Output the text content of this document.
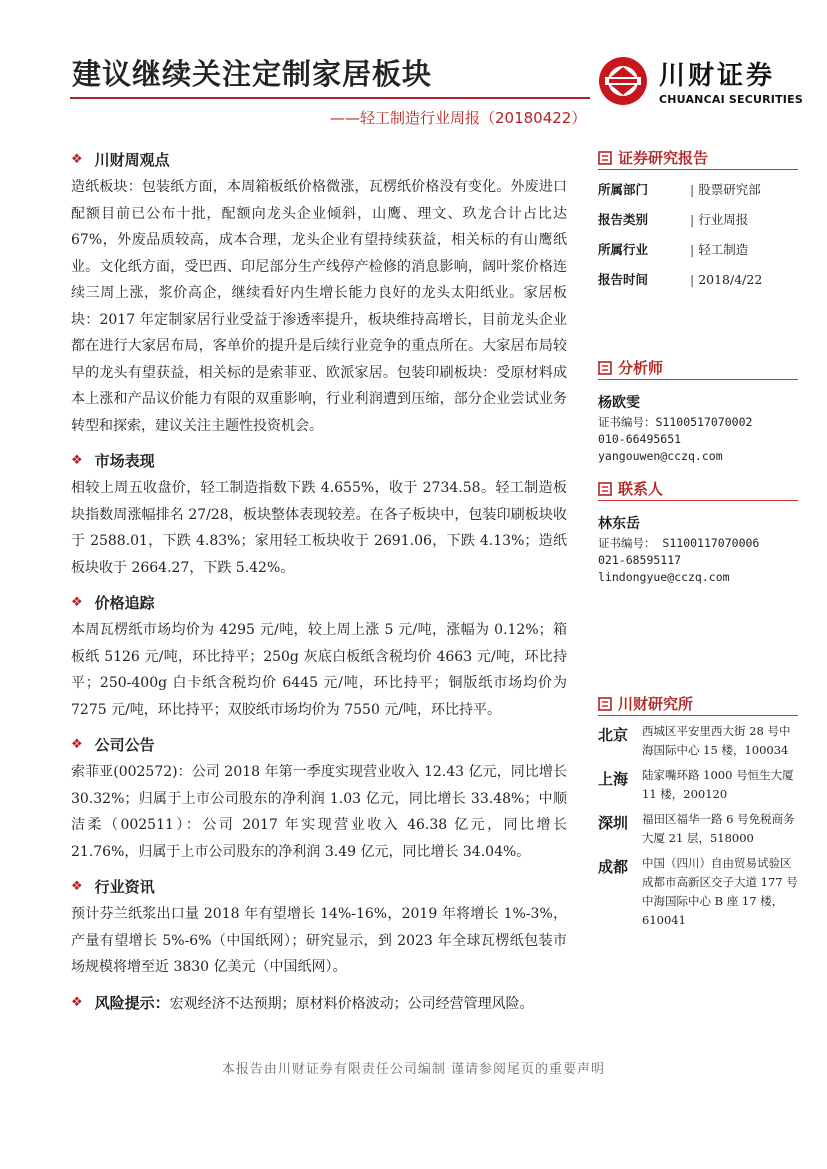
建议继续关注定制家居板块
——轻工制造行业周报（20180422）
川财证券
CHUANCAI SECURITIES
❖ 川财周观点

造纸板块：包装纸方面，本周箱板纸价格微涨，瓦楞纸价格没有变化。外废进口配额目前已公布十批，配额向龙头企业倾斜，山鹰、理文、玖龙合计占比达 67%，外废品质较高，成本合理，龙头企业有望持续获益，相关标的有山鹰纸业。文化纸方面，受巴西、印尼部分生产线停产检修的消息影响，阔叶浆价格连续三周上涨，浆价高企，继续看好内生增长能力良好的龙头太阳纸业。家居板块：2017 年定制家居行业受益于渗透率提升，板块维持高增长，目前龙头企业都在进行大家居布局，客单价的提升是后续行业竞争的重点所在。大家居布局较早的龙头有望获益，相关标的是索菲亚、欧派家居。包装印刷板块：受原材料成本上涨和产品议价能力有限的双重影响，行业利润遭到压缩，部分企业尝试业务转型和探索，建议关注主题性投资机会。

❖ 市场表现

相较上周五收盘价，轻工制造指数下跌 4.655%，收于 2734.58。轻工制造板块指数周涨幅排名 27/28，板块整体表现较差。在各子板块中，包装印刷板块收于 2588.01，下跌 4.83%；家用轻工板块收于 2691.06，下跌 4.13%；造纸板块收于 2664.27，下跌 5.42%。

❖ 价格追踪

本周瓦楞纸市场均价为 4295 元/吨，较上周上涨 5 元/吨，涨幅为 0.12%；箱板纸 5126 元/吨，环比持平；250g 灰底白板纸含税均价 4663 元/吨，环比持平；250-400g 白卡纸含税均价 6445 元/吨，环比持平；铜版纸市场均价为 7275 元/吨，环比持平；双胶纸市场均价为 7550 元/吨，环比持平。

❖ 公司公告

索菲亚(002572)：公司 2018 年第一季度实现营业收入 12.43 亿元，同比增长 30.32%；归属于上市公司股东的净利润 1.03 亿元，同比增长 33.48%；中顺洁柔（002511）：公司 2017 年实现营业收入 46.38 亿元，同比增长 21.76%，归属于上市公司股东的净利润 3.49 亿元，同比增长 34.04%。

❖ 行业资讯

预计芬兰纸浆出口量 2018 年有望增长 14%-16%，2019 年将增长 1%-3%，产量有望增长 5%-6%（中国纸网）；研究显示，到 2023 年全球瓦楞纸包装市场规模将增至近 3830 亿美元（中国纸网）。

❖ 风险提示： 宏观经济不达预期；原材料价格波动；公司经营管理风险。
证券研究报告
所属部门	| 股票研究部
报告类别	| 行业周报
所属行业	| 轻工制造
报告时间	| 2018/4/22
分析师
杨欧雯
证书编号：S1100517070002
010-66495651
yangouwen@cczq.com
联系人
林东岳
证书编号： S1100117070006
021-68595117
lindongyue@cczq.com
川财研究所
北京	西城区平安里西大街 28 号中海国际中心 15 楼，100034
上海	陆家嘴环路 1000 号恒生大厦 11 楼，200120
深圳	福田区福华一路 6 号免税商务大厦 21 层，518000
成都	中国（四川）自由贸易试验区成都市高新区交子大道 177 号中海国际中心 B 座 17 楼，610041
本报告由川财证券有限责任公司编制 谨请参阅尾页的重要声明
